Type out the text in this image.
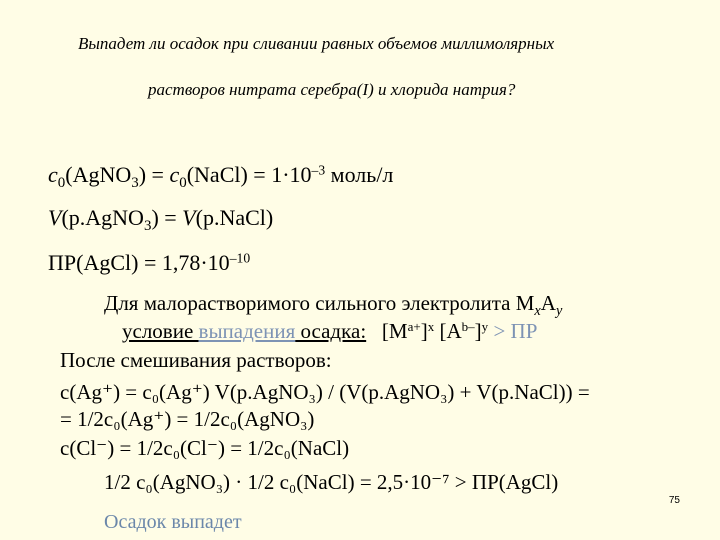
Выпадет ли осадок при сливании равных объемов миллимолярных
растворов нитрата серебра(I) и хлорида натрия?
$c_0(AgNO_3)$ = $c_0(NaCl) = 1\cdot 10^{-3}$ моль/л
V(р.AgNO$_3$) = V(р.NaCl)
ПР(AgCl) = $1,78\cdot 10^{-10}$
Для малорастворимого сильного электролита $M_xA_y$
условие выпадения осадка: $[M^{a+}]^x$ $[A^{b-}]^y$ > ПР
После смешивания растворов:
c(Ag⁺) = c₀(Ag⁺) V(р.AgNO₃) / (V(р.AgNO₃) + V(р.NaCl)) =
= 1/2c₀(Ag⁺) = 1/2c₀(AgNO₃)
c(Cl⁻) = 1/2c₀(Cl⁻) = 1/2c₀(NaCl)
1/2 c₀(AgNO₃) · 1/2 c₀(NaCl) = 2,5·10⁻⁷ > ПР(AgCl)
Осадок выпадет
75
